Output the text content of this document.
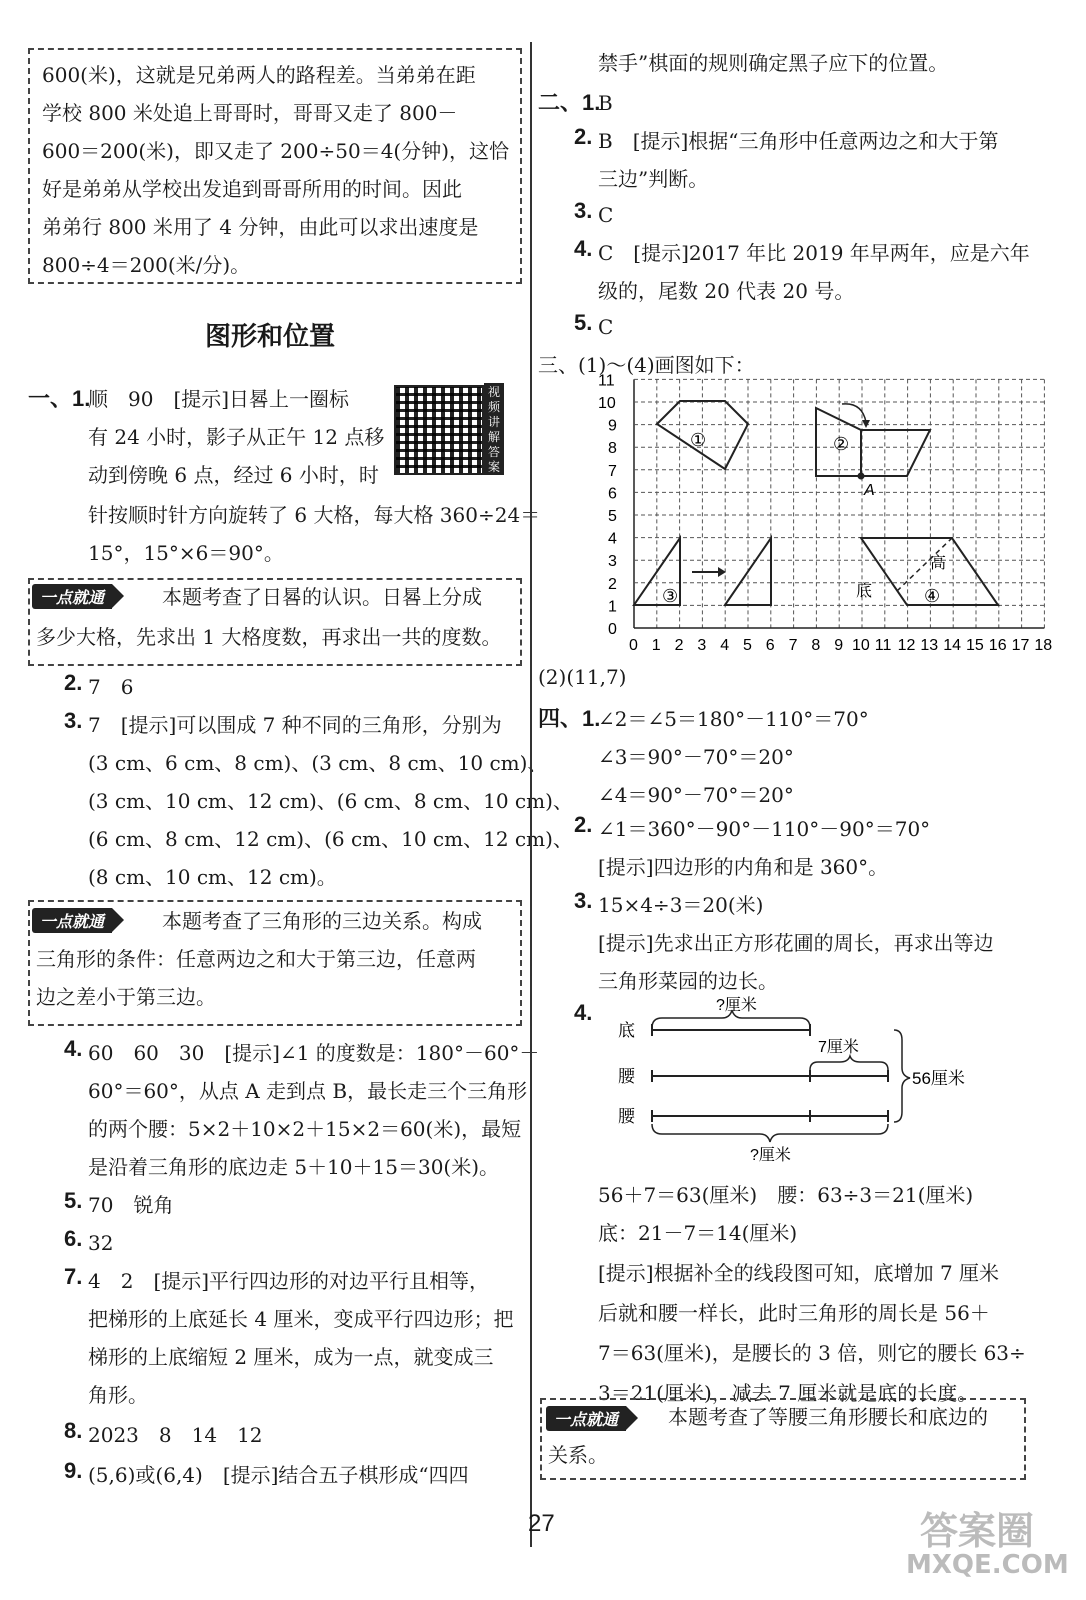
600(米)，这就是兄弟两人的路程差。当弟弟在距
学校 800 米处追上哥哥时，哥哥又走了 800－
600＝200(米)，即又走了 200÷50＝4(分钟)，这恰
好是弟弟从学校出发追到哥哥所用的时间。因此
弟弟行 800 米用了 4 分钟，由此可以求出速度是
800÷4＝200(米/分)。
图形和位置
一、1.
顺　90　[提示]日晷上一圈标
有 24 小时，影子从正午 12 点移
动到傍晚 6 点，经过 6 小时，时
针按顺时针方向旋转了 6 大格，每大格 360÷24＝
15°，15°×6＝90°。
视频讲解答案
一点就通	本题考查了日晷的认识。日晷上分成
多少大格，先求出 1 大格度数，再求出一共的度数。
2. 7　6
3. 7　[提示]可以围成 7 种不同的三角形，分别为
(3 cm、6 cm、8 cm)、(3 cm、8 cm、10 cm)、
(3 cm、10 cm、12 cm)、(6 cm、8 cm、10 cm)、
(6 cm、8 cm、12 cm)、(6 cm、10 cm、12 cm)、
(8 cm、10 cm、12 cm)。
一点就通	本题考查了三角形的三边关系。构成
三角形的条件：任意两边之和大于第三边，任意两
边之差小于第三边。
4. 60　60　30　[提示]∠1 的度数是：180°－60°－
60°＝60°，从点 A 走到点 B，最长走三个三角形
的两个腰：5×2＋10×2＋15×2＝60(米)，最短
是沿着三角形的底边走 5＋10＋15＝30(米)。
5. 70　锐角
6. 32
7. 4　2　[提示]平行四边形的对边平行且相等，
把梯形的上底延长 4 厘米，变成平行四边形；把
梯形的上底缩短 2 厘米，成为一点，就变成三
角形。
8. 2023　8　14　12
9. (5,6)或(6,4)　[提示]结合五子棋形成“四四
禁手”棋面的规则确定黑子应下的位置。
二、1.
B
2. B　[提示]根据“三角形中任意两边之和大于第
三边”判断。
3. C
4. C　[提示]2017 年比 2019 年早两年，应是六年
级的，尾数 20 代表 20 号。
5. C
三、(1)～(4)画图如下：
0 1 2 3 4 5 6 7 8 9 10 11 12 13 14 15 16 17 18
0
1
2
3
4
5
6
7
8
9
10
11
①	②
③	④
A
底
高
(2)(11,7)
四、1.
∠2＝∠5＝180°－110°＝70°
∠3＝90°－70°＝20°
∠4＝90°－70°＝20°
2. ∠1＝360°－90°－110°－90°＝70°
[提示]四边形的内角和是 360°。
3. 15×4÷3＝20(米)
[提示]先求出正方形花圃的周长，再求出等边
三角形菜园的边长。
4.	?厘米
底
7厘米
腰
腰
?厘米
56厘米
56＋7＝63(厘米)　腰：63÷3＝21(厘米)
底：21－7＝14(厘米)
[提示]根据补全的线段图可知，底增加 7 厘米
后就和腰一样长，此时三角形的周长是 56＋
7＝63(厘米)，是腰长的 3 倍，则它的腰长 63÷
3＝21(厘米)，减去 7 厘米就是底的长度。
一点就通	本题考查了等腰三角形腰长和底边的
关系。
27	答案圈
MXQE.COM
